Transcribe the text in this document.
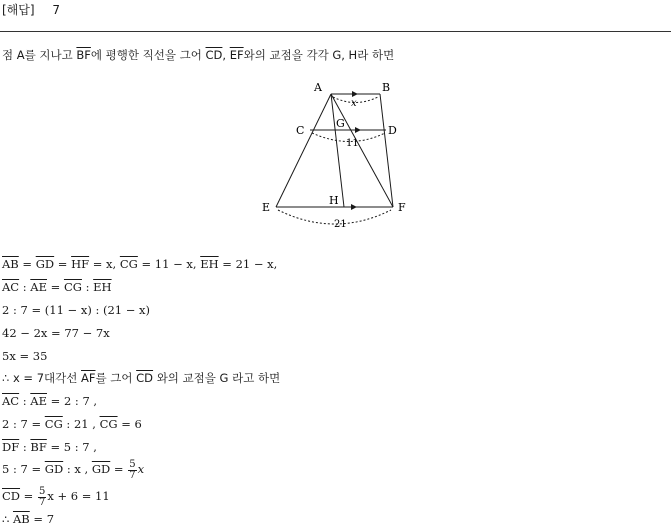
[해답] 7
점 A를 지나고 $\overline{BF}$에 평행한 직선을 그어 $\overline{CD}$, $\overline{EF}$와의 교점을 각각 G, H라 하면
A	B
C	D
G
E	F
H
x
11
21
$\overline{AB} = \overline{GD} = \overline{HF} = x$, $\overline{CG} = 11 - x$, $\overline{EH} = 21 - x$,
$\overline{AC}$ : $\overline{AE} = \overline{CG}$ : $\overline{EH}$
2 : 7 = (11 − x) : (21 − x)
42 − 2x = 77 − 7x
5x = 35
∴ x = 7대각선 $\overline{AF}$를 그어 $\overline{CD}$ 와의 교점을 G 라고 하면
$\overline{AC}$ : $\overline{AE} = 2$ : 7 ,
2 : $7 = \overline{CG}$ : 21 , $\overline{CG} = 6$
$\overline{DF}$ : $\overline{BF} = 5$ : 7 ,
5 : $7 = \overline{GD}$ : x , $\overline{GD} = \frac{5}{7}$ x
$\overline{CD} = \frac{5}{7}$ x + 6 = 11
∴ $\overline{AB} = 7$
